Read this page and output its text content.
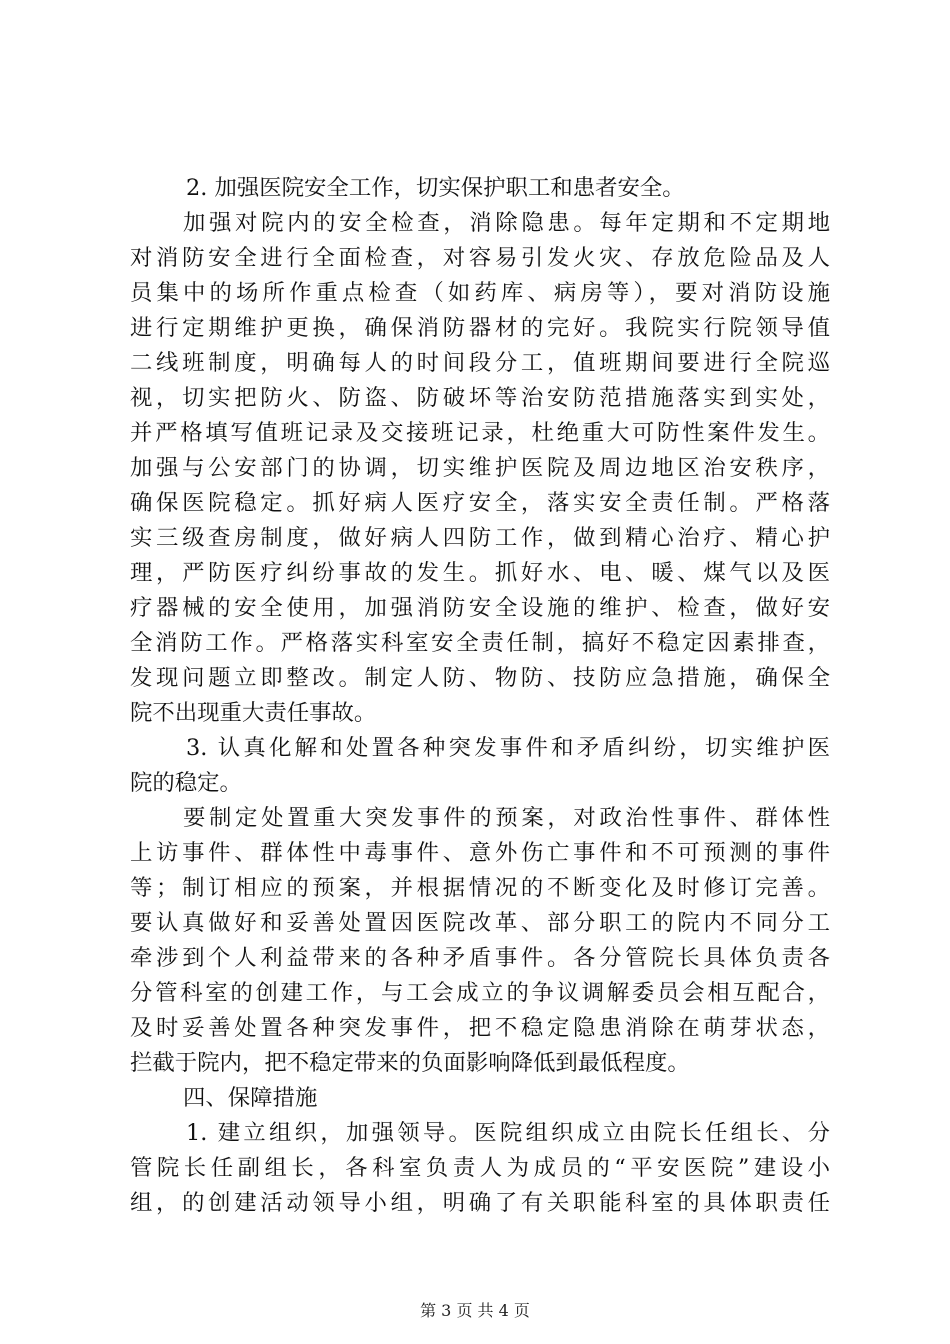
2. 加强医院安全工作，切实保护职工和患者安全。
加强对院内的安全检查，消除隐患。每年定期和不定期地
对消防安全进行全面检查，对容易引发火灾、存放危险品及人
员集中的场所作重点检查（如药库、病房等），要对消防设施
进行定期维护更换，确保消防器材的完好。我院实行院领导值
二线班制度，明确每人的时间段分工，值班期间要进行全院巡
视，切实把防火、防盗、防破坏等治安防范措施落实到实处，
并严格填写值班记录及交接班记录，杜绝重大可防性案件发生。
加强与公安部门的协调，切实维护医院及周边地区治安秩序，
确保医院稳定。抓好病人医疗安全，落实安全责任制。严格落
实三级查房制度，做好病人四防工作，做到精心治疗、精心护
理，严防医疗纠纷事故的发生。抓好水、电、暖、煤气以及医
疗器械的安全使用，加强消防安全设施的维护、检查，做好安
全消防工作。严格落实科室安全责任制，搞好不稳定因素排查，
发现问题立即整改。制定人防、物防、技防应急措施，确保全
院不出现重大责任事故。
3. 认真化解和处置各种突发事件和矛盾纠纷，切实维护医
院的稳定。
要制定处置重大突发事件的预案，对政治性事件、群体性
上访事件、群体性中毒事件、意外伤亡事件和不可预测的事件
等；制订相应的预案，并根据情况的不断变化及时修订完善。
要认真做好和妥善处置因医院改革、部分职工的院内不同分工
牵涉到个人利益带来的各种矛盾事件。各分管院长具体负责各
分管科室的创建工作，与工会成立的争议调解委员会相互配合，
及时妥善处置各种突发事件，把不稳定隐患消除在萌芽状态，
拦截于院内，把不稳定带来的负面影响降低到最低程度。
四、保障措施
1. 建立组织，加强领导。医院组织成立由院长任组长、分
管院长任副组长，各科室负责人为成员的“平安医院”建设小
组，的创建活动领导小组，明确了有关职能科室的具体职责任
第 3 页 共 4 页
